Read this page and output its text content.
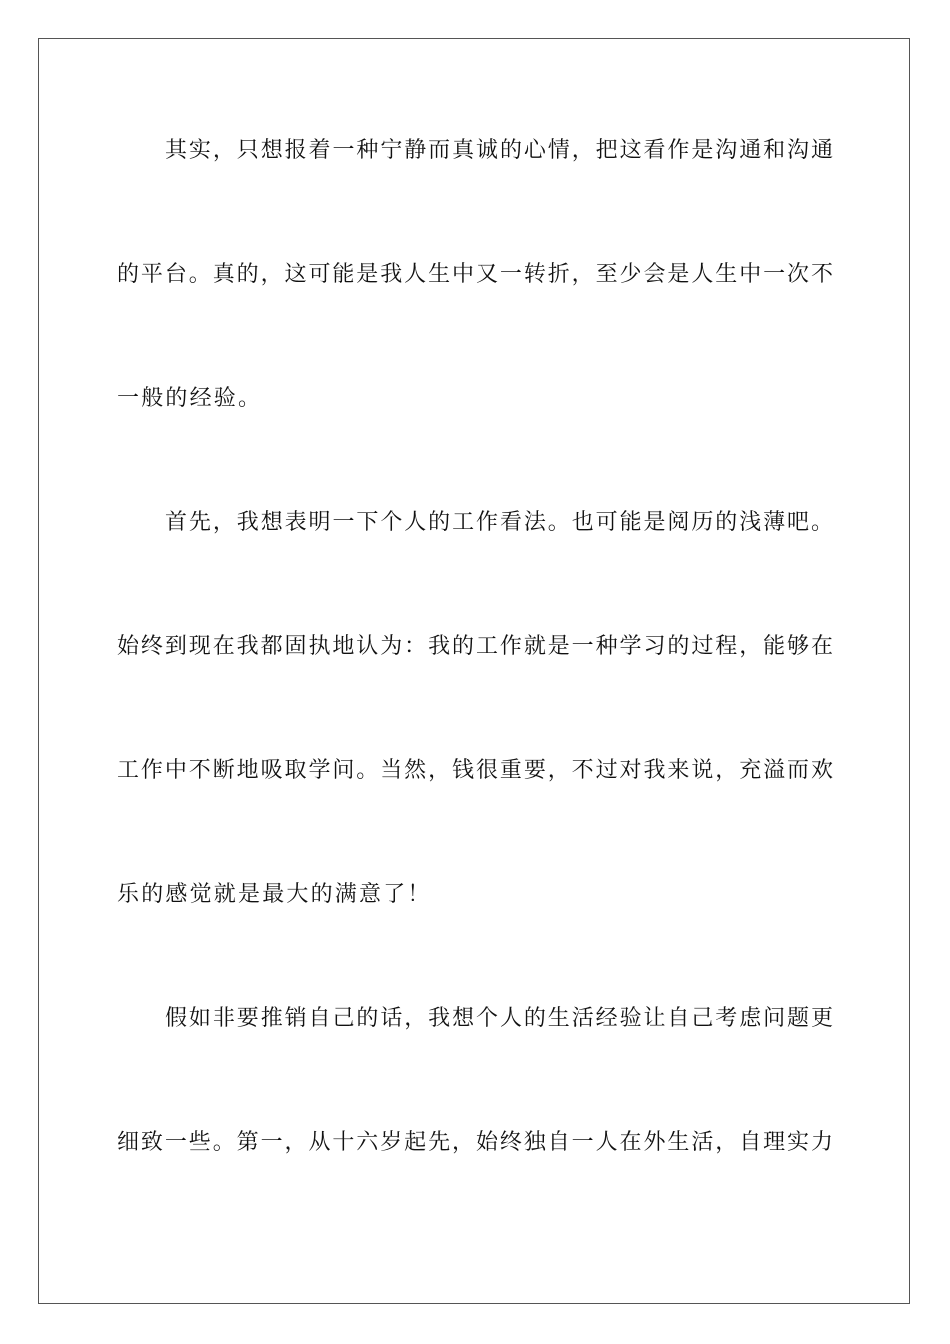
其实，只想报着一种宁静而真诚的心情，把这看作是沟通和沟通
的平台。真的，这可能是我人生中又一转折，至少会是人生中一次不
一般的经验。
首先，我想表明一下个人的工作看法。也可能是阅历的浅薄吧。
始终到现在我都固执地认为：我的工作就是一种学习的过程，能够在
工作中不断地吸取学问。当然，钱很重要，不过对我来说，充溢而欢
乐的感觉就是最大的满意了！
假如非要推销自己的话，我想个人的生活经验让自己考虑问题更
细致一些。第一，从十六岁起先，始终独自一人在外生活，自理实力
